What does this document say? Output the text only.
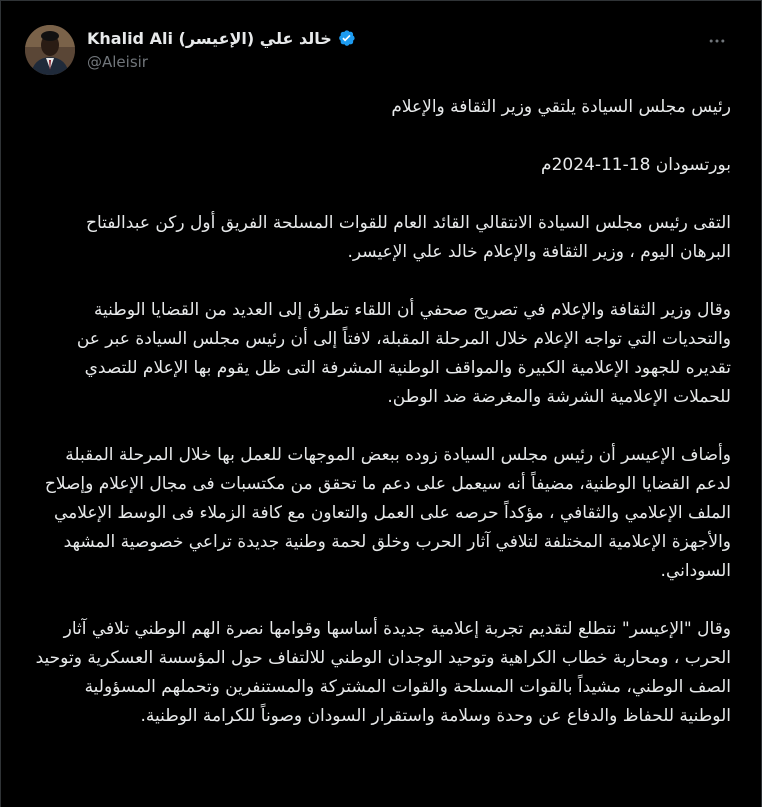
Khalid Ali (الإعيسر) خالد علي
@Aleisir

رئيس مجلس السيادة يلتقي وزير الثقافة والإعلام

بورتسودان 18-11-2024م

التقى رئيس مجلس السيادة الانتقالي القائد العام للقوات المسلحة الفريق أول ركن عبدالفتاح البرهان اليوم ، وزير الثقافة والإعلام خالد علي الإعيسر.

وقال وزير الثقافة والإعلام في تصريح صحفي أن اللقاء تطرق إلى العديد من القضايا الوطنية والتحديات التي تواجه الإعلام خلال المرحلة المقبلة، لافتاً إلى أن رئيس مجلس السيادة عبر عن تقديره للجهود الإعلامية الكبيرة والمواقف الوطنية المشرفة التى ظل يقوم بها الإعلام للتصدي للحملات الإعلامية الشرشة والمغرضة ضد الوطن.

وأضاف الإعيسر أن رئيس مجلس السيادة زوده ببعض الموجهات للعمل بها خلال المرحلة المقبلة لدعم القضايا الوطنية، مضيفاً أنه سيعمل على دعم ما تحقق من مكتسبات فى مجال الإعلام وإصلاح الملف الإعلامي والثقافي ، مؤكداً حرصه على العمل والتعاون مع كافة الزملاء فى الوسط الإعلامي والأجهزة الإعلامية المختلفة لتلافي آثار الحرب وخلق لحمة وطنية جديدة تراعي خصوصية المشهد السوداني.

وقال "الإعيسر" نتطلع لتقديم تجربة إعلامية جديدة أساسها وقوامها نصرة الهم الوطني تلافي آثار الحرب ، ومحاربة خطاب الكراهية وتوحيد الوجدان الوطني للالتفاف حول المؤسسة العسكرية وتوحيد الصف الوطني، مشيداً بالقوات المسلحة والقوات المشتركة والمستنفرين وتحملهم المسؤولية الوطنية للحفاظ والدفاع عن وحدة وسلامة واستقرار السودان وصوناً للكرامة الوطنية.
